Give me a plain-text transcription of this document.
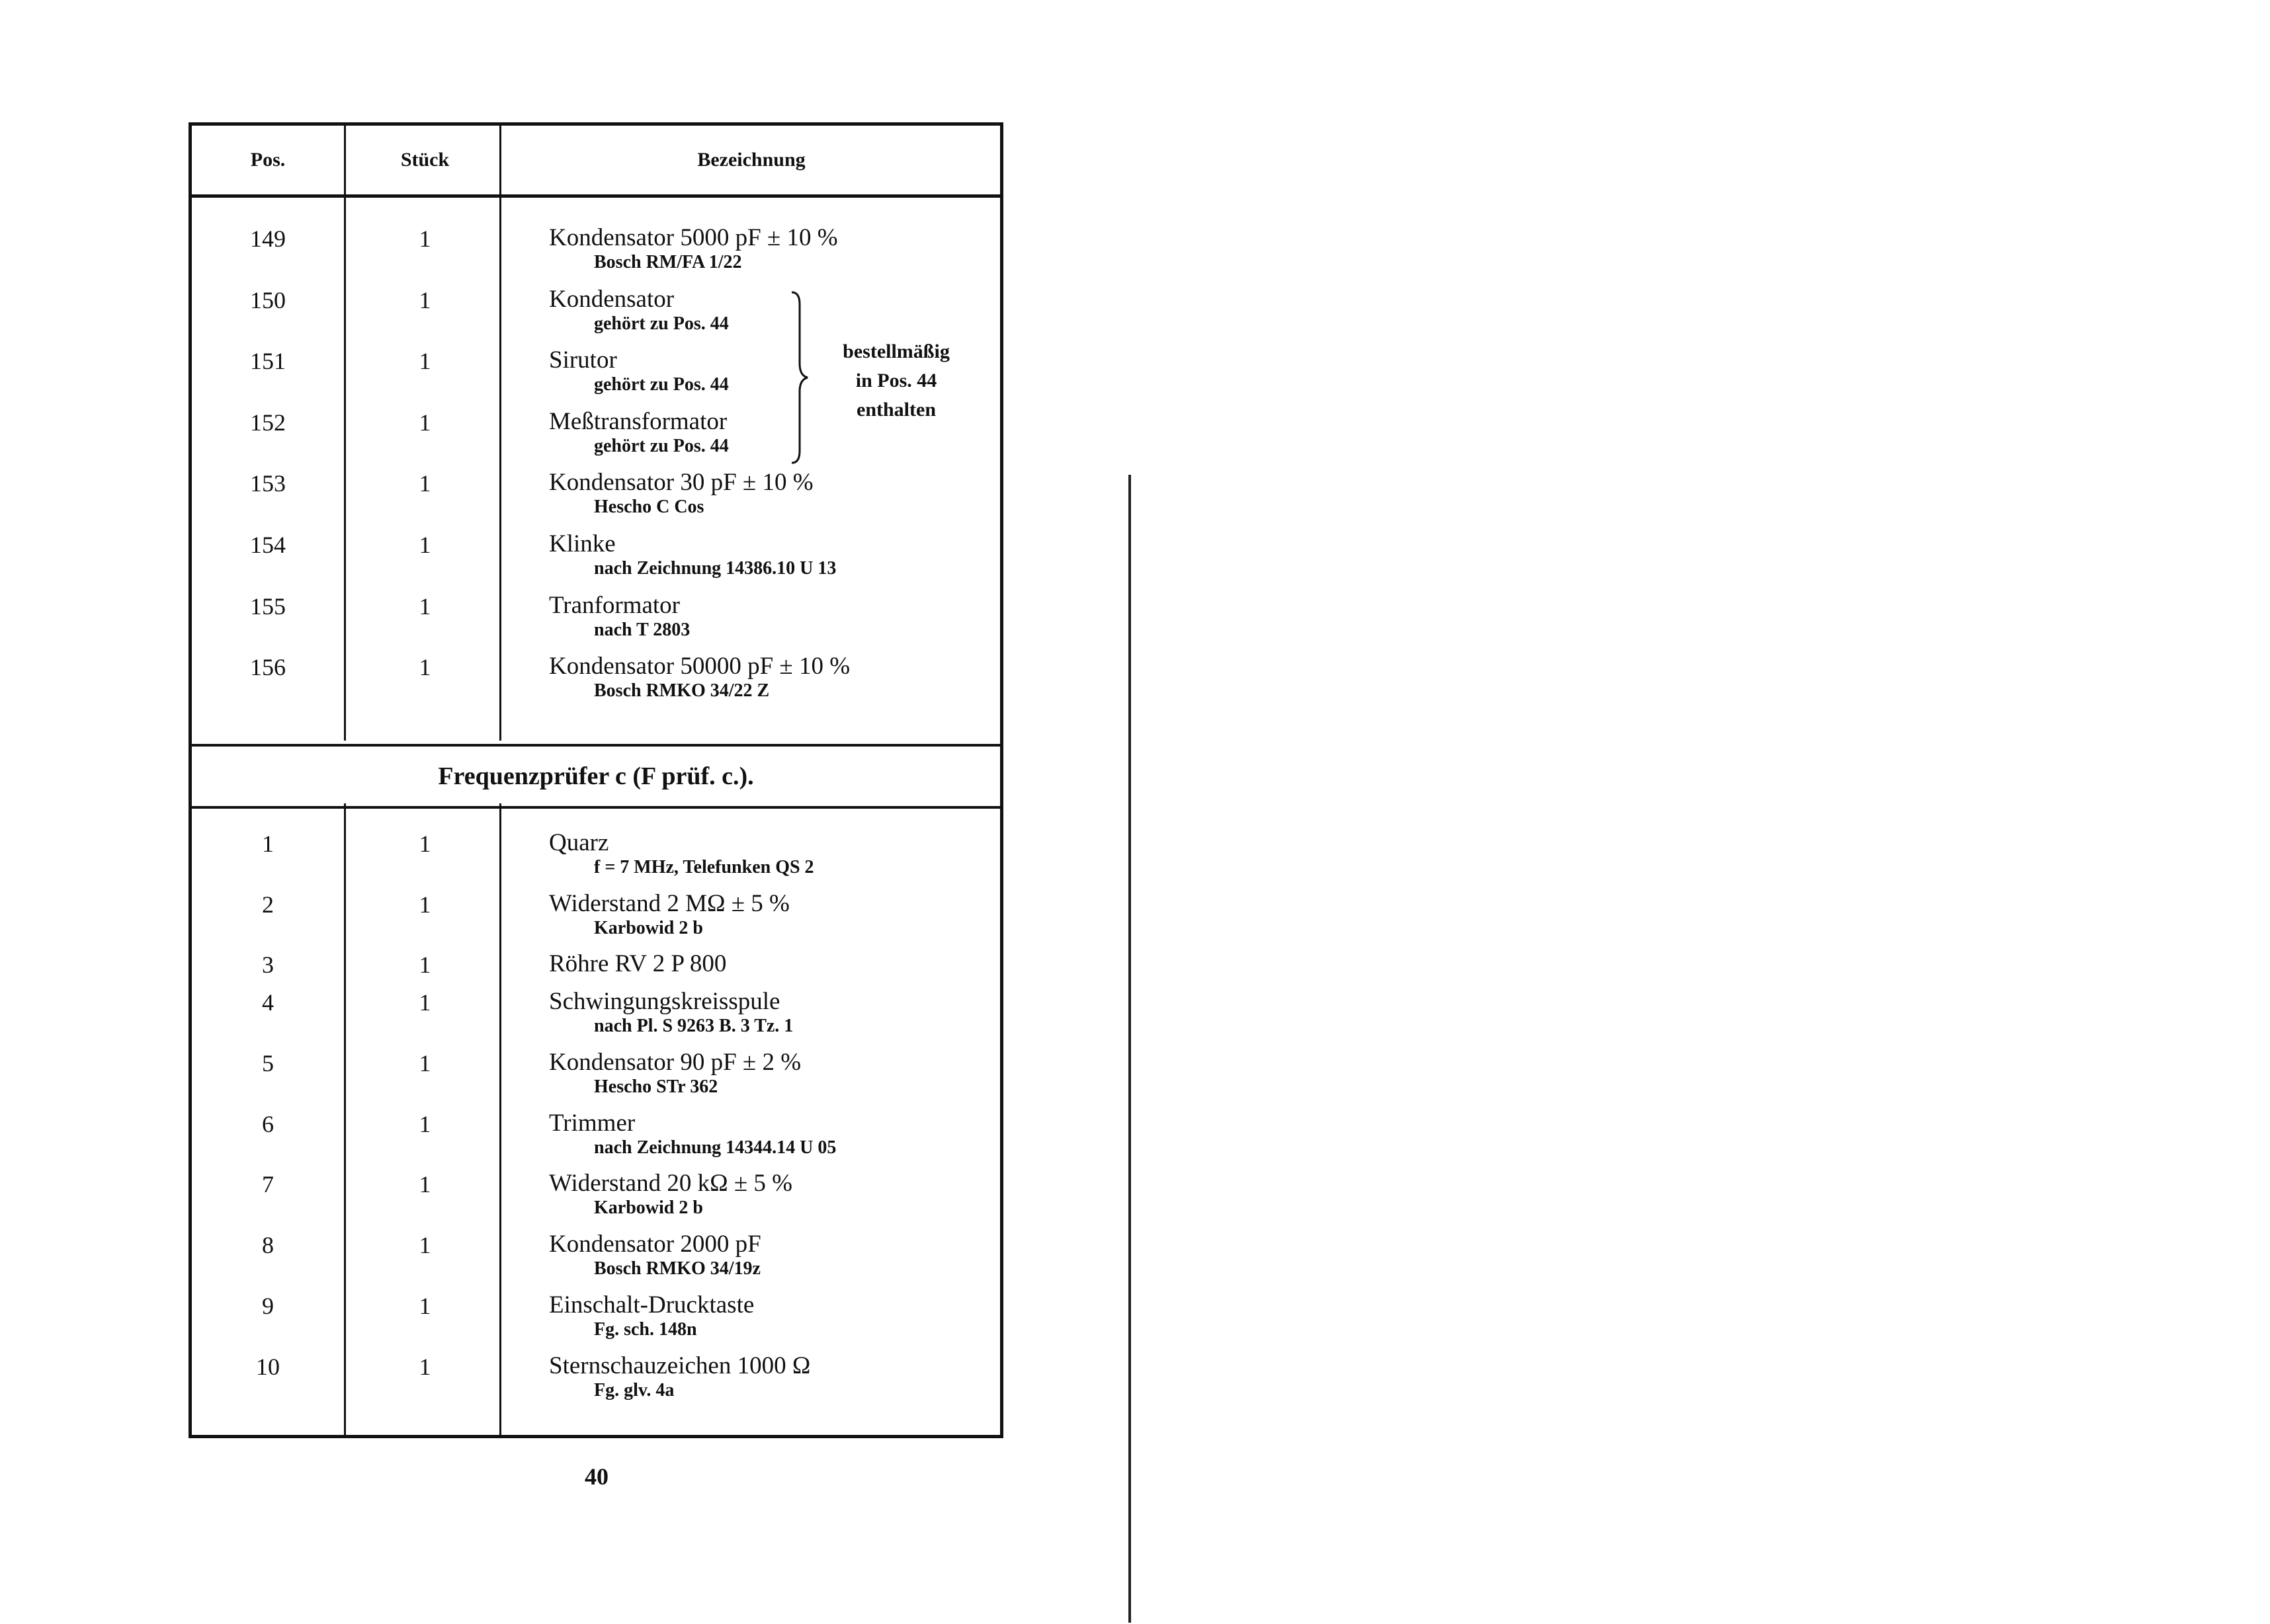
Pos.	Stück	Bezeichnung
149	1	Kondensator 5000 pF ± 10 %
Bosch RM/FA 1/22
150	1	Kondensator
gehört zu Pos. 44
151	1	Sirutor
gehört zu Pos. 44
152	1	Meßtransformator
gehört zu Pos. 44
153	1	Kondensator 30 pF ± 10 %
Hescho C Cos
154	1	Klinke
nach Zeichnung 14386.10 U 13
155	1	Tranformator
nach T 2803
156	1	Kondensator 50000 pF ± 10 %
Bosch RMKO 34/22 Z
bestellmäßig
in Pos. 44
enthalten
Frequenzprüfer c (F prüf. c.).
1	1	Quarz
f = 7 MHz, Telefunken QS 2
2	1	Widerstand 2 MΩ ± 5 %
Karbowid 2 b
3	1	Röhre RV 2 P 800
4	1	Schwingungskreisspule
nach Pl. S 9263 B. 3 Tz. 1
5	1	Kondensator 90 pF ± 2 %
Hescho STr 362
6	1	Trimmer
nach Zeichnung 14344.14 U 05
7	1	Widerstand 20 kΩ ± 5 %
Karbowid 2 b
8	1	Kondensator 2000 pF
Bosch RMKO 34/19z
9	1	Einschalt-Drucktaste
Fg. sch. 148n
10	1	Sternschauzeichen 1000 Ω
Fg. glv. 4a
40
